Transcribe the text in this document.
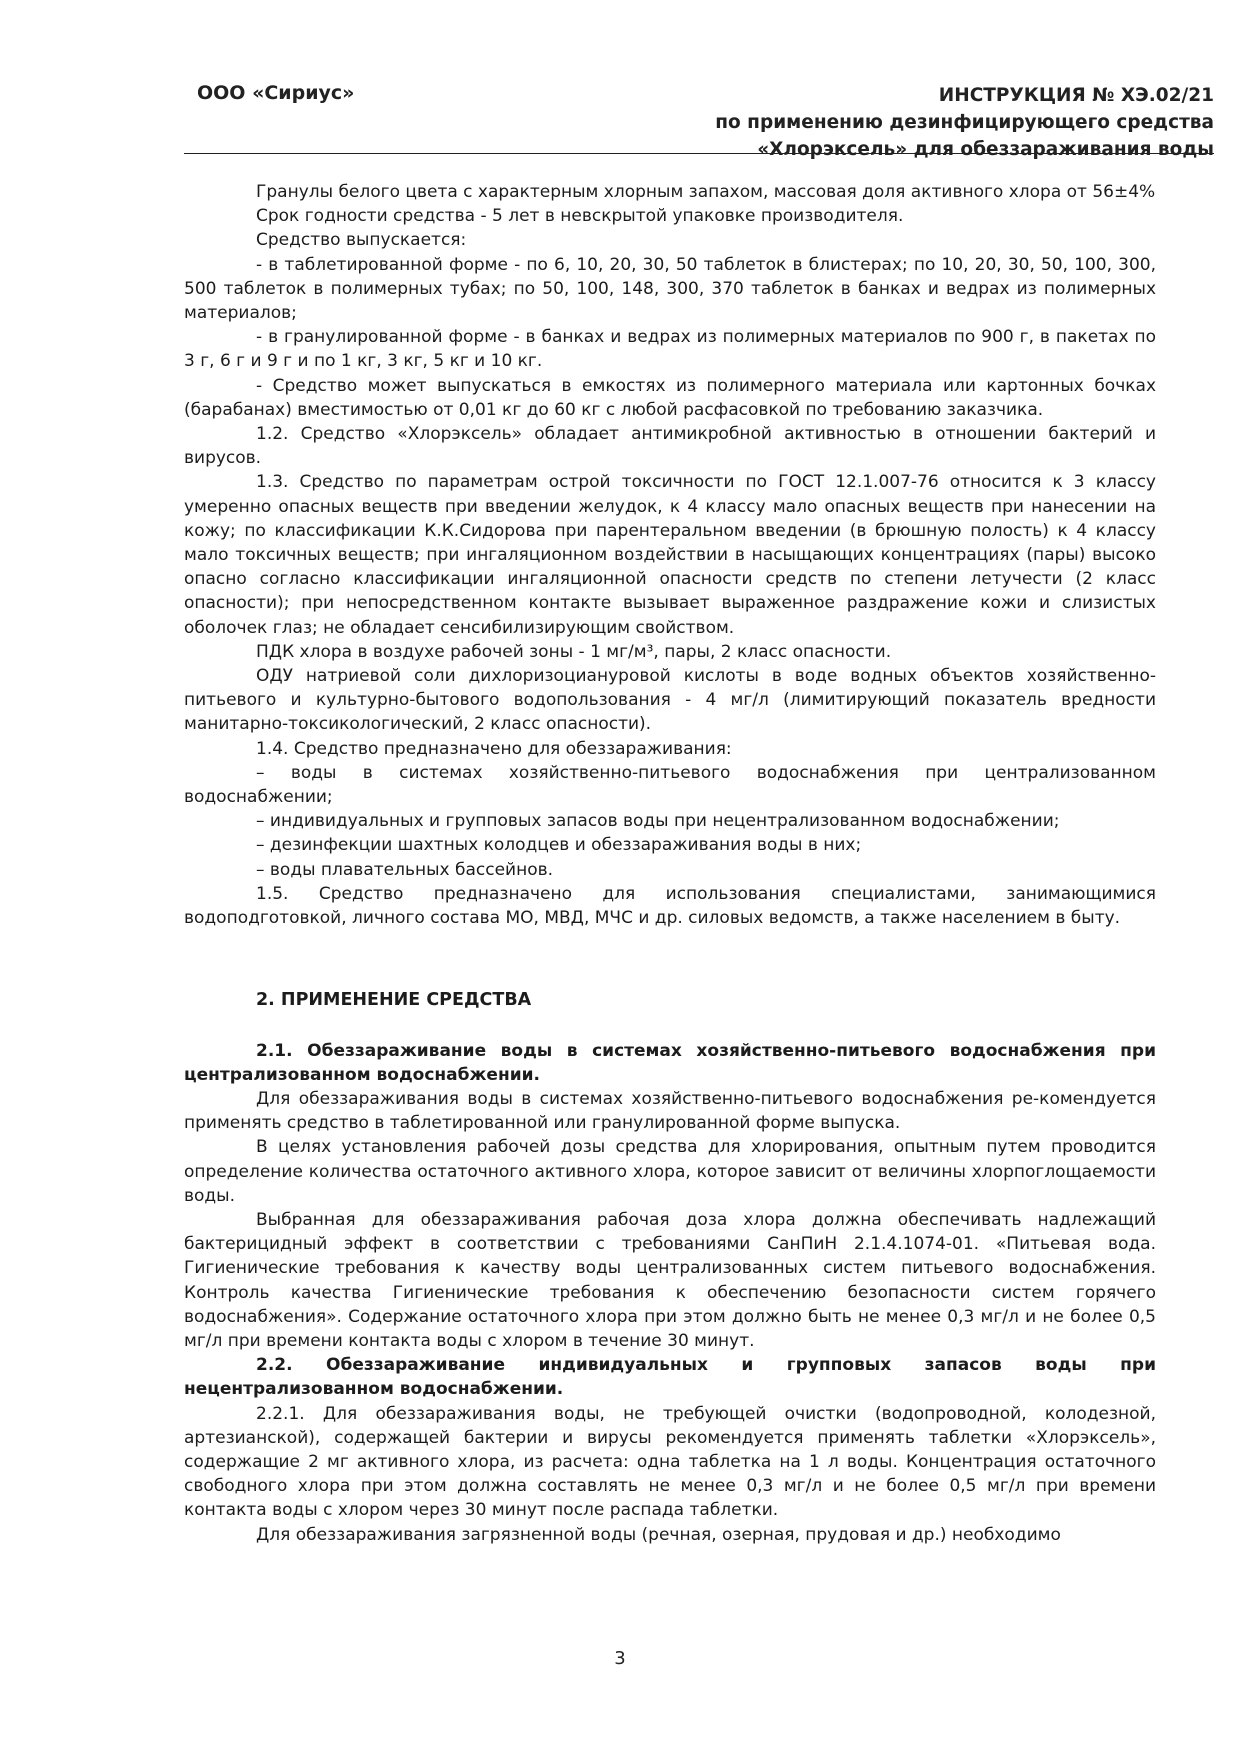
ООО «Сириус»	ИНСТРУКЦИЯ № ХЭ.02/21
по применению дезинфицирующего средства
«Хлорэксель» для обеззараживания воды

Гранулы белого цвета с характерным хлорным запахом, массовая доля активного хлора от 56±4%

Срок годности средства - 5 лет в невскрытой упаковке производителя.

Средство выпускается:

- в таблетированной форме - по 6, 10, 20, 30, 50 таблеток в блистерах; по 10, 20, 30, 50, 100, 300, 500 таблеток в полимерных тубах; по 50, 100, 148, 300, 370 таблеток в банках и ведрах из полимерных материалов;

- в гранулированной форме - в банках и ведрах из полимерных материалов по 900 г, в пакетах по 3 г, 6 г и 9 г и по 1 кг, 3 кг, 5 кг и 10 кг.

- Средство может выпускаться в емкостях из полимерного материала или картонных бочках (барабанах) вместимостью от 0,01 кг до 60 кг с любой расфасовкой по требованию заказчика.

1.2. Средство «Хлорэксель» обладает антимикробной активностью в отношении бактерий и вирусов.

1.3. Средство по параметрам острой токсичности по ГОСТ 12.1.007-76 относится к 3 классу умеренно опасных веществ при введении желудок, к 4 классу мало опасных веществ при нанесении на кожу; по классификации К.К.Сидорова при парентеральном введении (в брюшную полость) к 4 классу мало токсичных веществ; при ингаляционном воздействии в насыщающих концентрациях (пары) высоко опасно согласно классификации ингаляционной опасности средств по степени летучести (2 класс опасности); при непосредственном контакте вызывает выраженное раздражение кожи и слизистых оболочек глаз; не обладает сенсибилизирующим свойством.

ПДК хлора в воздухе рабочей зоны - 1 мг/м³, пары, 2 класс опасности.

ОДУ натриевой соли дихлоризоциануровой кислоты в воде водных объектов хозяйственно-питьевого и культурно-бытового водопользования - 4 мг/л (лимитирующий показатель вредности манитарно-токсикологический, 2 класс опасности).

1.4. Средство предназначено для обеззараживания:

– воды в системах хозяйственно-питьевого водоснабжения при централизованном водоснабжении;

– индивидуальных и групповых запасов воды при нецентрализованном водоснабжении;

– дезинфекции шахтных колодцев и обеззараживания воды в них;

– воды плавательных бассейнов.

1.5. Средство предназначено для использования специалистами, занимающимися водоподготовкой, личного состава МО, МВД, МЧС и др. силовых ведомств, а также населением в быту.

2. ПРИМЕНЕНИЕ СРЕДСТВА

2.1. Обеззараживание воды в системах хозяйственно-питьевого водоснабжения при централизованном водоснабжении.

Для обеззараживания воды в системах хозяйственно-питьевого водоснабжения ре-комендуется применять средство в таблетированной или гранулированной форме выпуска.

В целях установления рабочей дозы средства для хлорирования, опытным путем проводится определение количества остаточного активного хлора, которое зависит от величины хлорпоглощаемости воды.

Выбранная для обеззараживания рабочая доза хлора должна обеспечивать надлежащий бактерицидный эффект в соответствии с требованиями СанПиН 2.1.4.1074-01. «Питьевая вода. Гигиенические требования к качеству воды централизованных систем питьевого водоснабжения. Контроль качества Гигиенические требования к обеспечению безопасности систем горячего водоснабжения». Содержание остаточного хлора при этом должно быть не менее 0,3 мг/л и не более 0,5 мг/л при времени контакта воды с хлором в течение 30 минут.

2.2. Обеззараживание индивидуальных и групповых запасов воды при нецентрализованном водоснабжении.

2.2.1. Для обеззараживания воды, не требующей очистки (водопроводной, колодезной, артезианской), содержащей бактерии и вирусы рекомендуется применять таблетки «Хлорэксель», содержащие 2 мг активного хлора, из расчета: одна таблетка на 1 л воды. Концентрация остаточного свободного хлора при этом должна составлять не менее 0,3 мг/л и не более 0,5 мг/л при времени контакта воды с хлором через 30 минут после распада таблетки.

Для обеззараживания загрязненной воды (речная, озерная, прудовая и др.) необходимо

3
